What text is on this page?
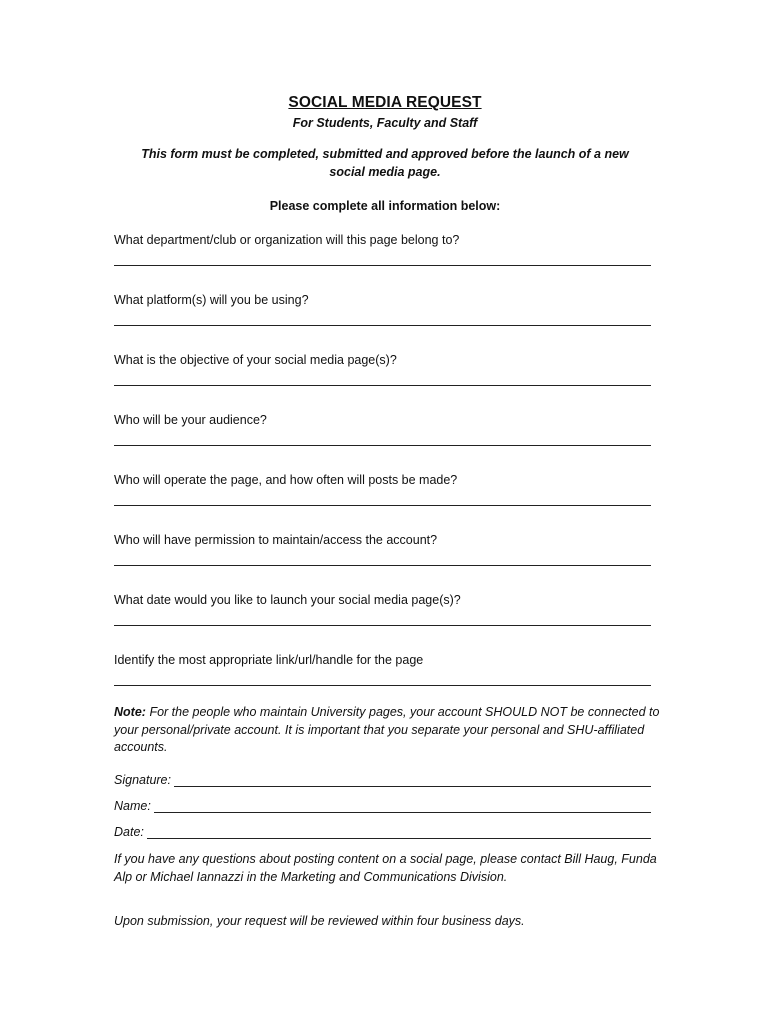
SOCIAL MEDIA REQUEST
For Students, Faculty and Staff
This form must be completed, submitted and approved before the launch of a new social media page.
Please complete all information below:
What department/club or organization will this page belong to?
What platform(s) will you be using?
What is the objective of your social media page(s)?
Who will be your audience?
Who will operate the page, and how often will posts be made?
Who will have permission to maintain/access the account?
What date would you like to launch your social media page(s)?
Identify the most appropriate link/url/handle for the page
Note: For the people who maintain University pages, your account SHOULD NOT be connected to your personal/private account. It is important that you separate your personal and SHU-affiliated accounts.
Signature:
Name:
Date:
If you have any questions about posting content on a social page, please contact Bill Haug, Funda Alp or Michael Iannazzi in the Marketing and Communications Division.
Upon submission, your request will be reviewed within four business days.
